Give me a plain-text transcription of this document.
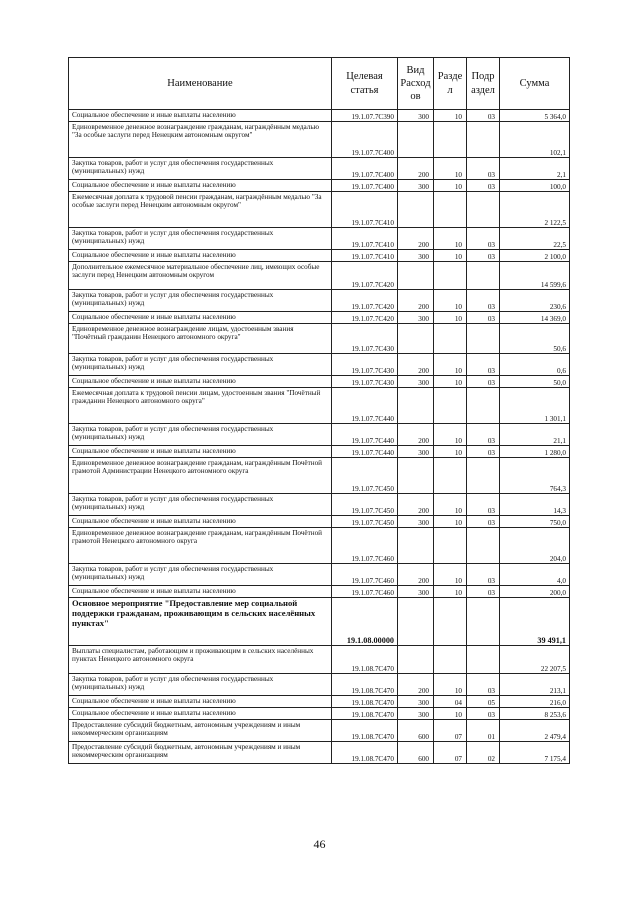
Наименование	Целевая статья	Вид Расход ов	Разде л	Подр аздел	Сумма
Социальное обеспечение и иные выплаты населению	19.1.07.7С390	300	10	03	5 364,0
Единовременное денежное вознаграждение гражданам, награждённым медалью "За особые заслуги перед Ненецким автономным округом"	19.1.07.7С400				102,1
Закупка товаров, работ и услуг для обеспечения государственных (муниципальных) нужд	19.1.07.7С400	200	10	03	2,1
Социальное обеспечение и иные выплаты населению	19.1.07.7С400	300	10	03	100,0
Ежемесячная доплата к трудовой пенсии гражданам, награждённым медалью "За особые заслуги перед Ненецким автономным округом"	19.1.07.7С410				2 122,5
Закупка товаров, работ и услуг для обеспечения государственных (муниципальных) нужд	19.1.07.7С410	200	10	03	22,5
Социальное обеспечение и иные выплаты населению	19.1.07.7С410	300	10	03	2 100,0
Дополнительное ежемесячное материальное обеспечение лиц, имеющих особые заслуги перед Ненецким автономным округом	19.1.07.7С420				14 599,6
Закупка товаров, работ и услуг для обеспечения государственных (муниципальных) нужд	19.1.07.7С420	200	10	03	230,6
Социальное обеспечение и иные выплаты населению	19.1.07.7С420	300	10	03	14 369,0
Единовременное денежное вознаграждение лицам, удостоенным звания "Почётный гражданин Ненецкого автономного округа"	19.1.07.7С430				50,6
Закупка товаров, работ и услуг для обеспечения государственных (муниципальных) нужд	19.1.07.7С430	200	10	03	0,6
Социальное обеспечение и иные выплаты населению	19.1.07.7С430	300	10	03	50,0
Ежемесячная доплата к трудовой пенсии лицам, удостоенным звания "Почётный гражданин Ненецкого автономного округа"	19.1.07.7С440				1 301,1
Закупка товаров, работ и услуг для обеспечения государственных (муниципальных) нужд	19.1.07.7С440	200	10	03	21,1
Социальное обеспечение и иные выплаты населению	19.1.07.7С440	300	10	03	1 280,0
Единовременное денежное вознаграждение гражданам, награждённым Почётной грамотой Администрации Ненецкого автономного округа	19.1.07.7С450				764,3
Закупка товаров, работ и услуг для обеспечения государственных (муниципальных) нужд	19.1.07.7С450	200	10	03	14,3
Социальное обеспечение и иные выплаты населению	19.1.07.7С450	300	10	03	750,0
Единовременное денежное вознаграждение гражданам, награждённым Почётной грамотой Ненецкого автономного округа	19.1.07.7С460				204,0
Закупка товаров, работ и услуг для обеспечения государственных (муниципальных) нужд	19.1.07.7С460	200	10	03	4,0
Социальное обеспечение и иные выплаты населению	19.1.07.7С460	300	10	03	200,0
Основное мероприятие "Предоставление мер социальной поддержки гражданам, проживающим в сельских населённых пунктах"	19.1.08.00000				39 491,1
Выплаты специалистам, работающим и проживающим в сельских населённых пунктах Ненецкого автономного округа	19.1.08.7С470				22 207,5
Закупка товаров, работ и услуг для обеспечения государственных (муниципальных) нужд	19.1.08.7С470	200	10	03	213,1
Социальное обеспечение и иные выплаты населению	19.1.08.7С470	300	04	05	216,0
Социальное обеспечение и иные выплаты населению	19.1.08.7С470	300	10	03	8 253,6
Предоставление субсидий бюджетным, автономным учреждениям и иным некоммерческим организациям	19.1.08.7С470	600	07	01	2 479,4
Предоставление субсидий бюджетным, автономным учреждениям и иным некоммерческим организациям	19.1.08.7С470	600	07	02	7 175,4
46
